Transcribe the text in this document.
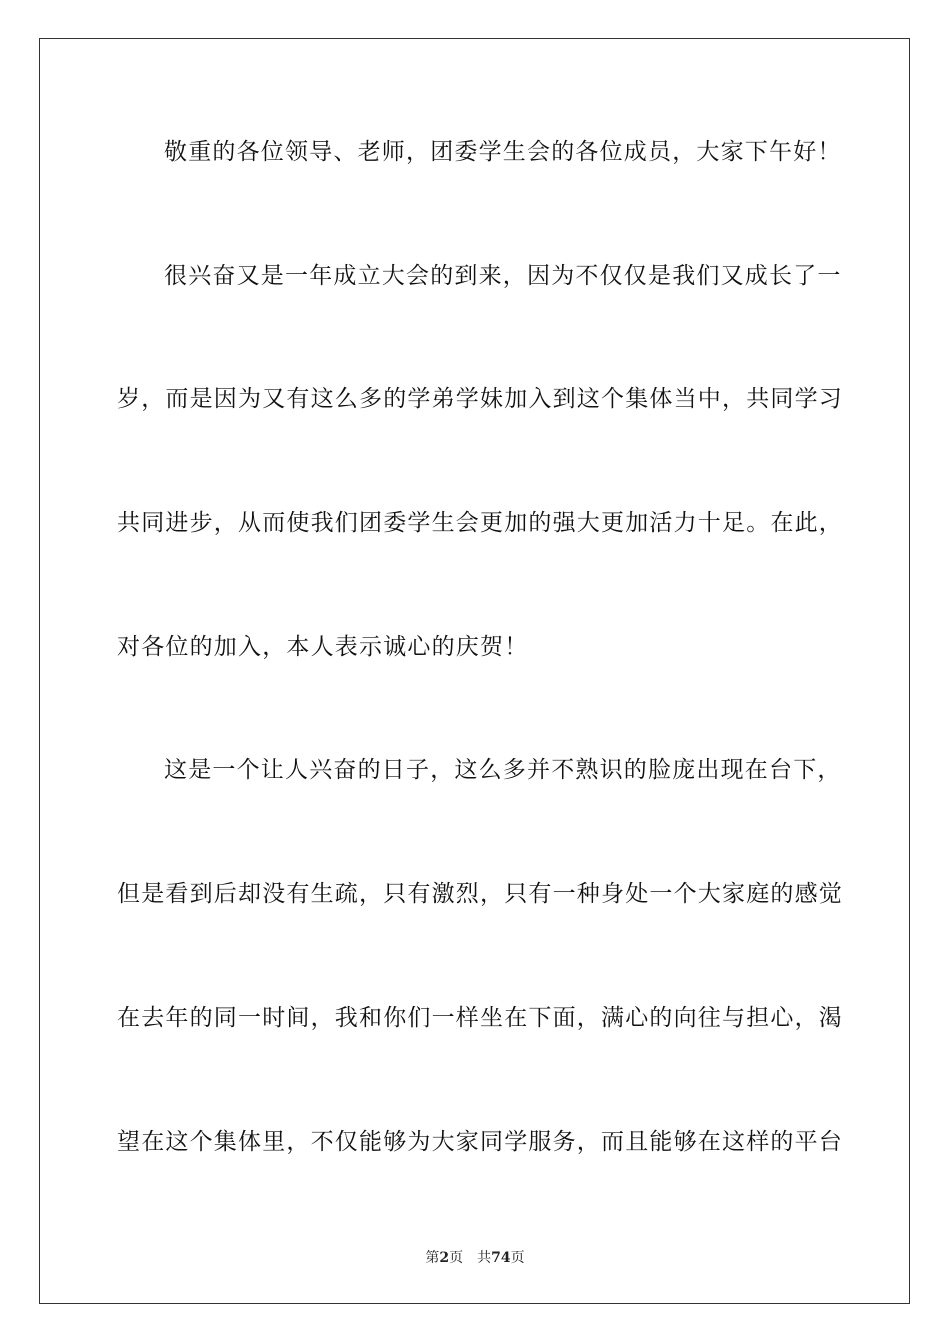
敬重的各位领导、老师，团委学生会的各位成员，大家下午好！
很兴奋又是一年成立大会的到来，因为不仅仅是我们又成长了一
岁，而是因为又有这么多的学弟学妹加入到这个集体当中，共同学习
共同进步，从而使我们团委学生会更加的强大更加活力十足。在此，
对各位的加入，本人表示诚心的庆贺！
这是一个让人兴奋的日子，这么多并不熟识的脸庞出现在台下，
但是看到后却没有生疏，只有激烈，只有一种身处一个大家庭的感觉
在去年的同一时间，我和你们一样坐在下面，满心的向往与担心，渴
望在这个集体里，不仅能够为大家同学服务，而且能够在这样的平台
第2页 共74页
